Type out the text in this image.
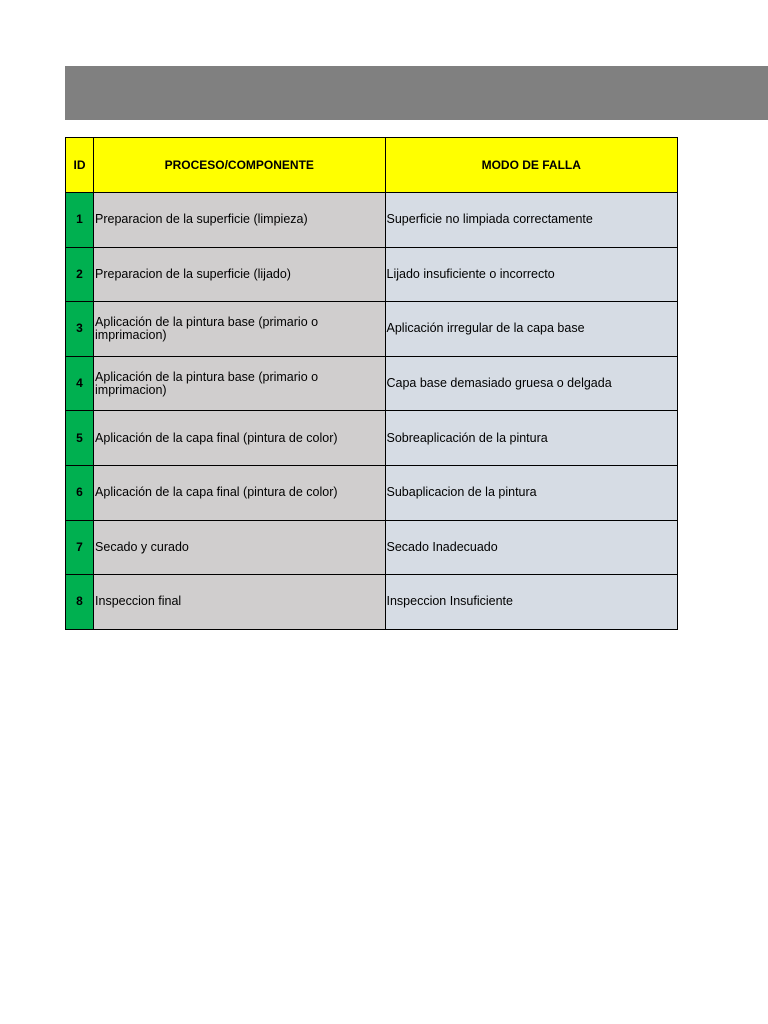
ID	PROCESO/COMPONENTE	MODO DE FALLA
1	Preparacion de la superficie (limpieza)	Superficie no limpiada correctamente
2	Preparacion de la superficie (lijado)	Lijado insuficiente o incorrecto
3	Aplicación de la pintura base (primario o imprimacion)	Aplicación irregular de la capa base
4	Aplicación de la pintura base (primario o imprimacion)	Capa base demasiado gruesa o delgada
5	Aplicación de la capa final (pintura de color)	Sobreaplicación de la pintura
6	Aplicación de la capa final (pintura de color)	Subaplicacion de la pintura
7	Secado y curado	Secado Inadecuado
8	Inspeccion final	Inspeccion Insuficiente
